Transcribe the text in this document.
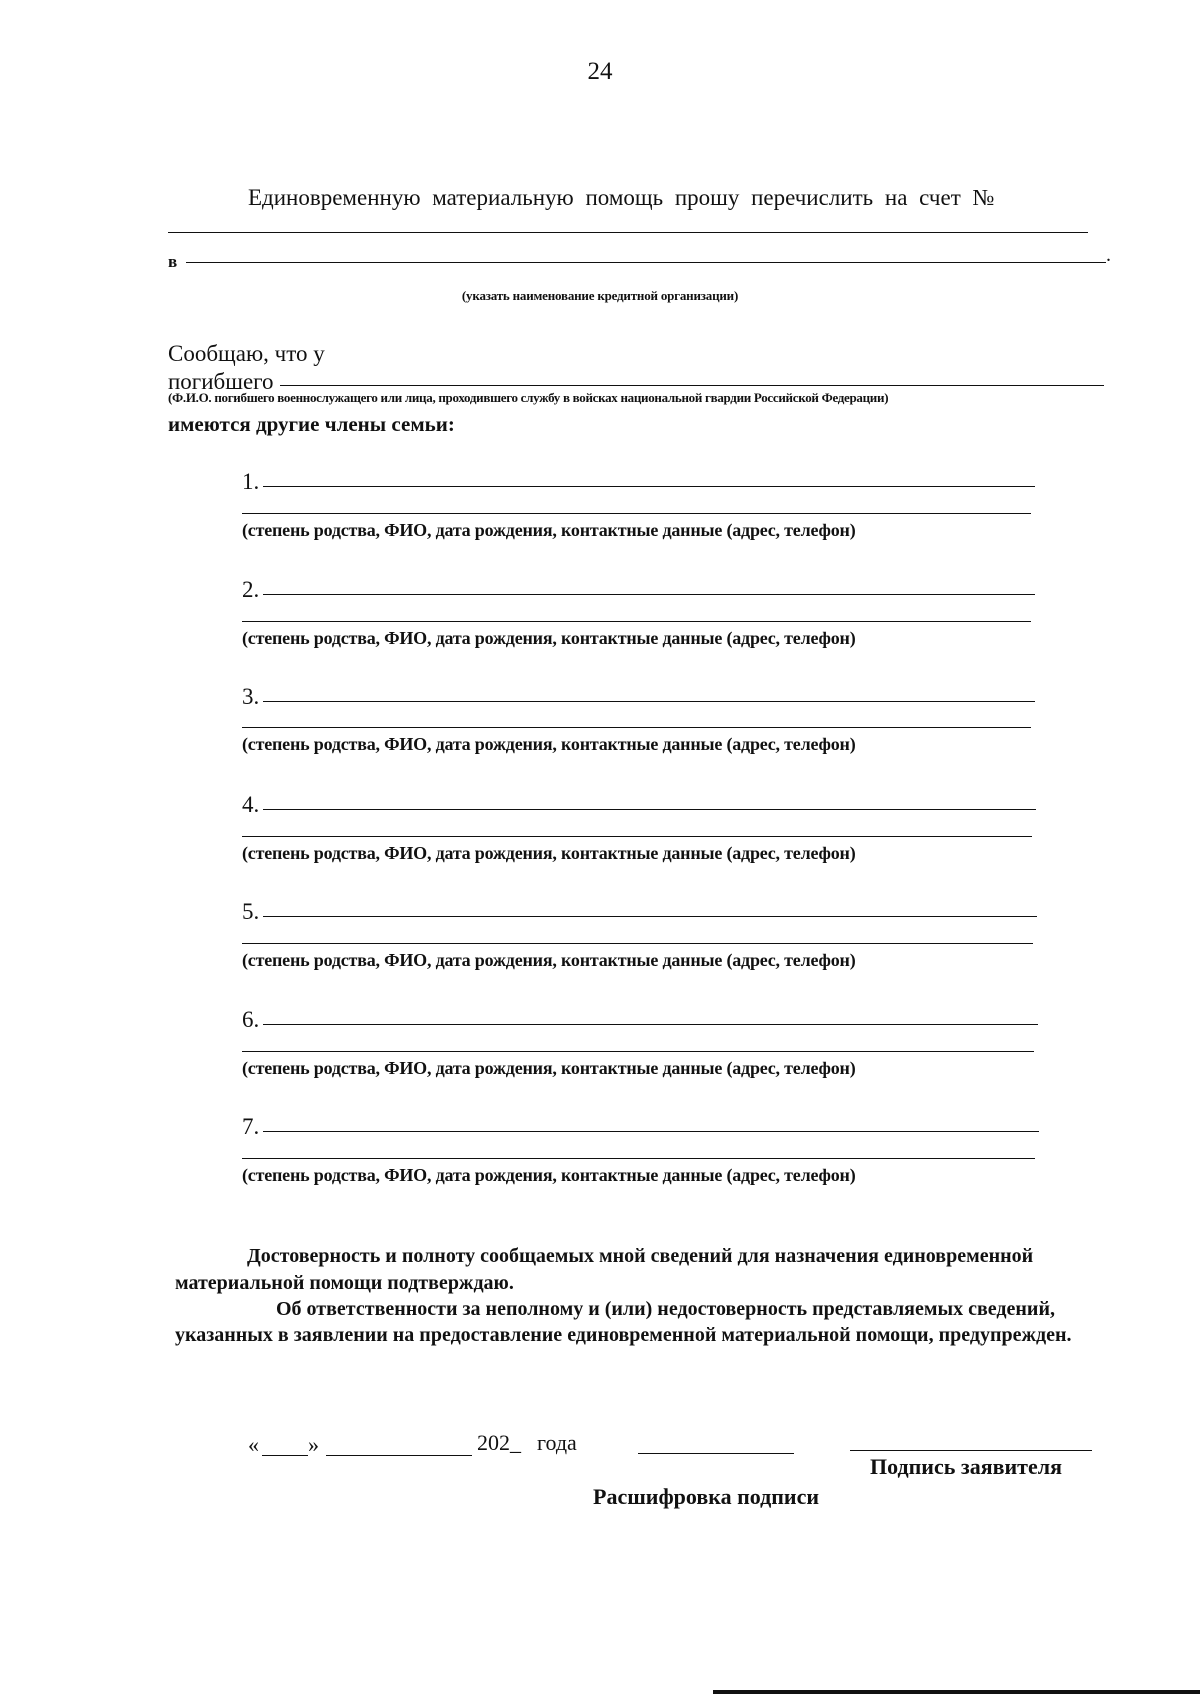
24
Единовременную материальную помощь прошу перечислить на счет №
в	.
(указать наименование кредитной организации)
Сообщаю, что у
погибшего
(Ф.И.О. погибшего военнослужащего или лица, проходившего службу в войсках национальной гвардии Российской Федерации)
имеются другие члены семьи:
1.
(степень родства, ФИО, дата рождения, контактные данные (адрес, телефон)
2.
(степень родства, ФИО, дата рождения, контактные данные (адрес, телефон)
3.
(степень родства, ФИО, дата рождения, контактные данные (адрес, телефон)
4.
(степень родства, ФИО, дата рождения, контактные данные (адрес, телефон)
5.
(степень родства, ФИО, дата рождения, контактные данные (адрес, телефон)
6.
(степень родства, ФИО, дата рождения, контактные данные (адрес, телефон)
7.
(степень родства, ФИО, дата рождения, контактные данные (адрес, телефон)
Достоверность и полноту сообщаемых мной сведений для назначения единовременной
материальной помощи подтверждаю.
Об ответственности за неполному и (или) недостоверность представляемых сведений,
указанных в заявлении на предоставление единовременной материальной помощи, предупрежден.
« »	202_ года
Подпись заявителя
Расшифровка подписи
